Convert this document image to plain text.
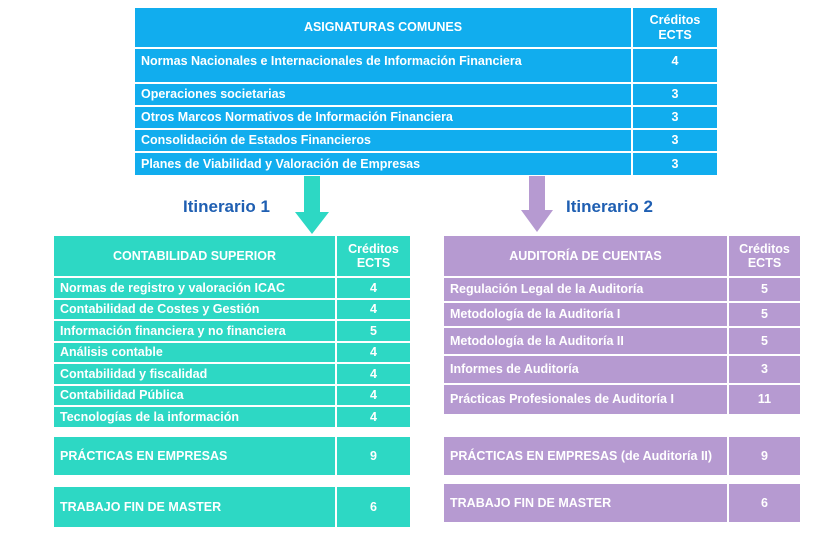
ASIGNATURAS COMUNES
Créditos
ECTS
Normas Nacionales e Internacionales de Información Financiera	4
Operaciones societarias	3
Otros Marcos Normativos de Información Financiera	3
Consolidación de Estados Financieros	3
Planes de Viabilidad y Valoración de Empresas	3
Itinerario 1	Itinerario 2
CONTABILIDAD SUPERIOR
Créditos
ECTS
Normas de registro y valoración ICAC	4
Contabilidad de Costes y Gestión	4
Información financiera y no financiera	5
Análisis contable	4
Contabilidad y fiscalidad	4
Contabilidad Pública	4
Tecnologías de la información	4
PRÁCTICAS EN EMPRESAS	9
TRABAJO FIN DE MASTER	6
AUDITORÍA DE CUENTAS
Créditos
ECTS
Regulación Legal de la Auditoría	5
Metodología de la Auditoría I	5
Metodología de la Auditoría II	5
Informes de Auditoría	3
Prácticas Profesionales de Auditoría I	11
PRÁCTICAS EN EMPRESAS (de Auditoría II)	9
TRABAJO FIN DE MASTER	6
